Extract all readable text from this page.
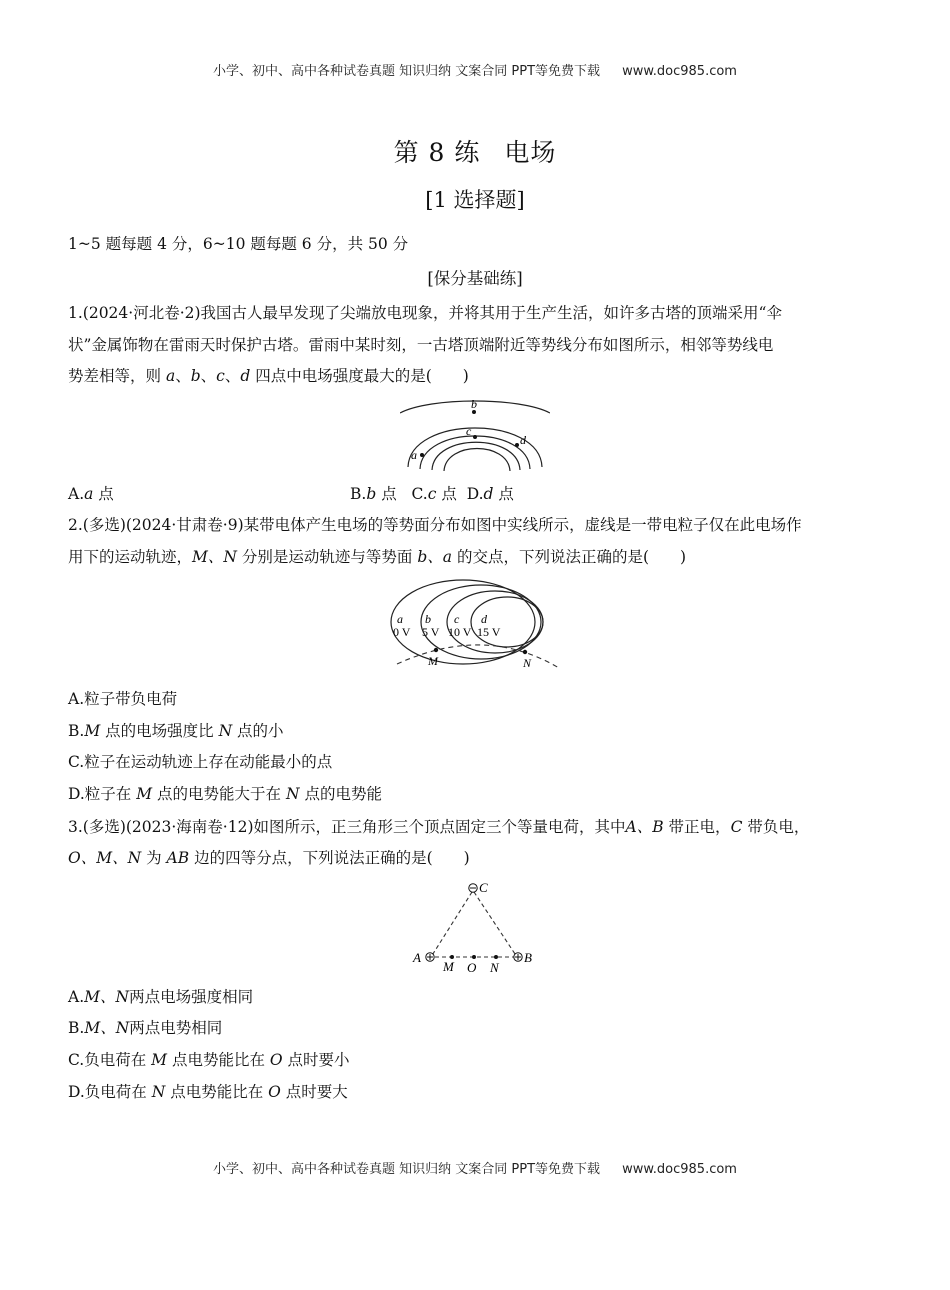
小学、初中、高中各种试卷真题 知识归纳 文案合同 PPT等免费下载 www.doc985.com
第 8 练 电场
[1 选择题]
1~5 题每题 4 分，6~10 题每题 6 分，共 50 分
[保分基础练]
1.(2024·河北卷·2)我国古人最早发现了尖端放电现象，并将其用于生产生活，如许多古塔的顶端采用“伞
状”金属饰物在雷雨天时保护古塔。雷雨中某时刻，一古塔顶端附近等势线分布如图所示，相邻等势线电
势差相等，则 a、b、c、d 四点中电场强度最大的是(　　)
b
c
d
a
A.a 点	B.b 点 C.c 点 D.d 点
2.(多选)(2024·甘肃卷·9)某带电体产生电场的等势面分布如图中实线所示，虚线是一带电粒子仅在此电场作
用下的运动轨迹，M、N 分别是运动轨迹与等势面 b、a 的交点，下列说法正确的是(　　)
a b c d
0 V 5 V 10 V 15 V
M	N
A.粒子带负电荷
B.M 点的电场强度比 N 点的小
C.粒子在运动轨迹上存在动能最小的点
D.粒子在 M 点的电势能大于在 N 点的电势能
3.(多选)(2023·海南卷·12)如图所示，正三角形三个顶点固定三个等量电荷，其中A、B 带正电，C 带负电，
O、M、N 为 AB 边的四等分点，下列说法正确的是(　　)
C
A	B
M O N
A.M、N两点电场强度相同
B.M、N两点电势相同
C.负电荷在 M 点电势能比在 O 点时要小
D.负电荷在 N 点电势能比在 O 点时要大
小学、初中、高中各种试卷真题 知识归纳 文案合同 PPT等免费下载 www.doc985.com
